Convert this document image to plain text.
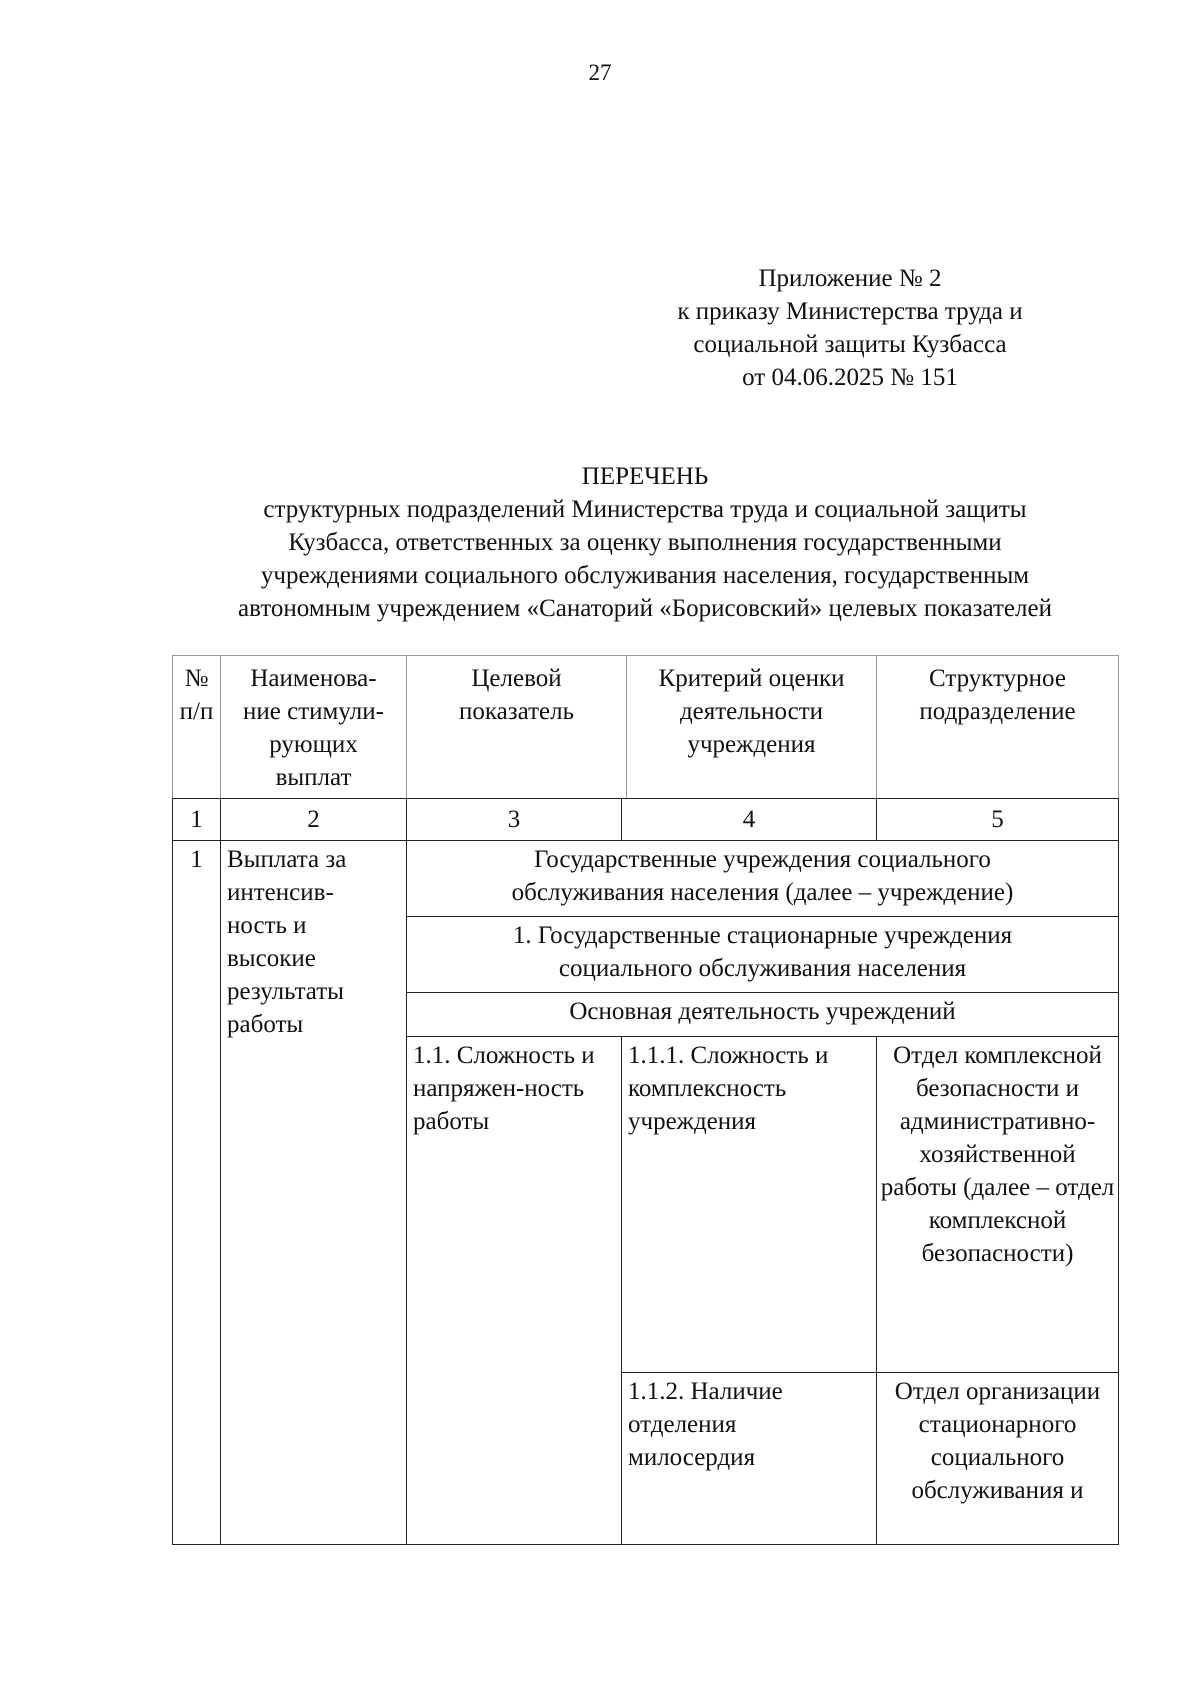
27
Приложение № 2
к приказу Министерства труда и
социальной защиты Кузбасса
от 04.06.2025 № 151
ПЕРЕЧЕНЬ
структурных подразделений Министерства труда и социальной защиты
Кузбасса, ответственных за оценку выполнения государственными
учреждениями социального обслуживания населения, государственным
автономным учреждением «Санаторий «Борисовский» целевых показателей
№ п/п	Наименова-ние стимули-рующих выплат	Целевой показатель	Критерий оценки деятельности учреждения	Структурное подразделение
1	2	3	4	5
1	Выплата за интенсив-ность и высокие результаты работы	Государственные учреждения социального обслуживания населения (далее – учреждение)		
		1. Государственные стационарные учреждения социального обслуживания населения		
		Основная деятельность учреждений		
		1.1. Сложность и напряжен-ность работы	1.1.1. Сложность и комплексность учреждения	Отдел комплексной безопасности и административно-хозяйственной работы (далее – отдел комплексной безопасности)
			1.1.2. Наличие отделения милосердия	Отдел организации стационарного социального обслуживания и
